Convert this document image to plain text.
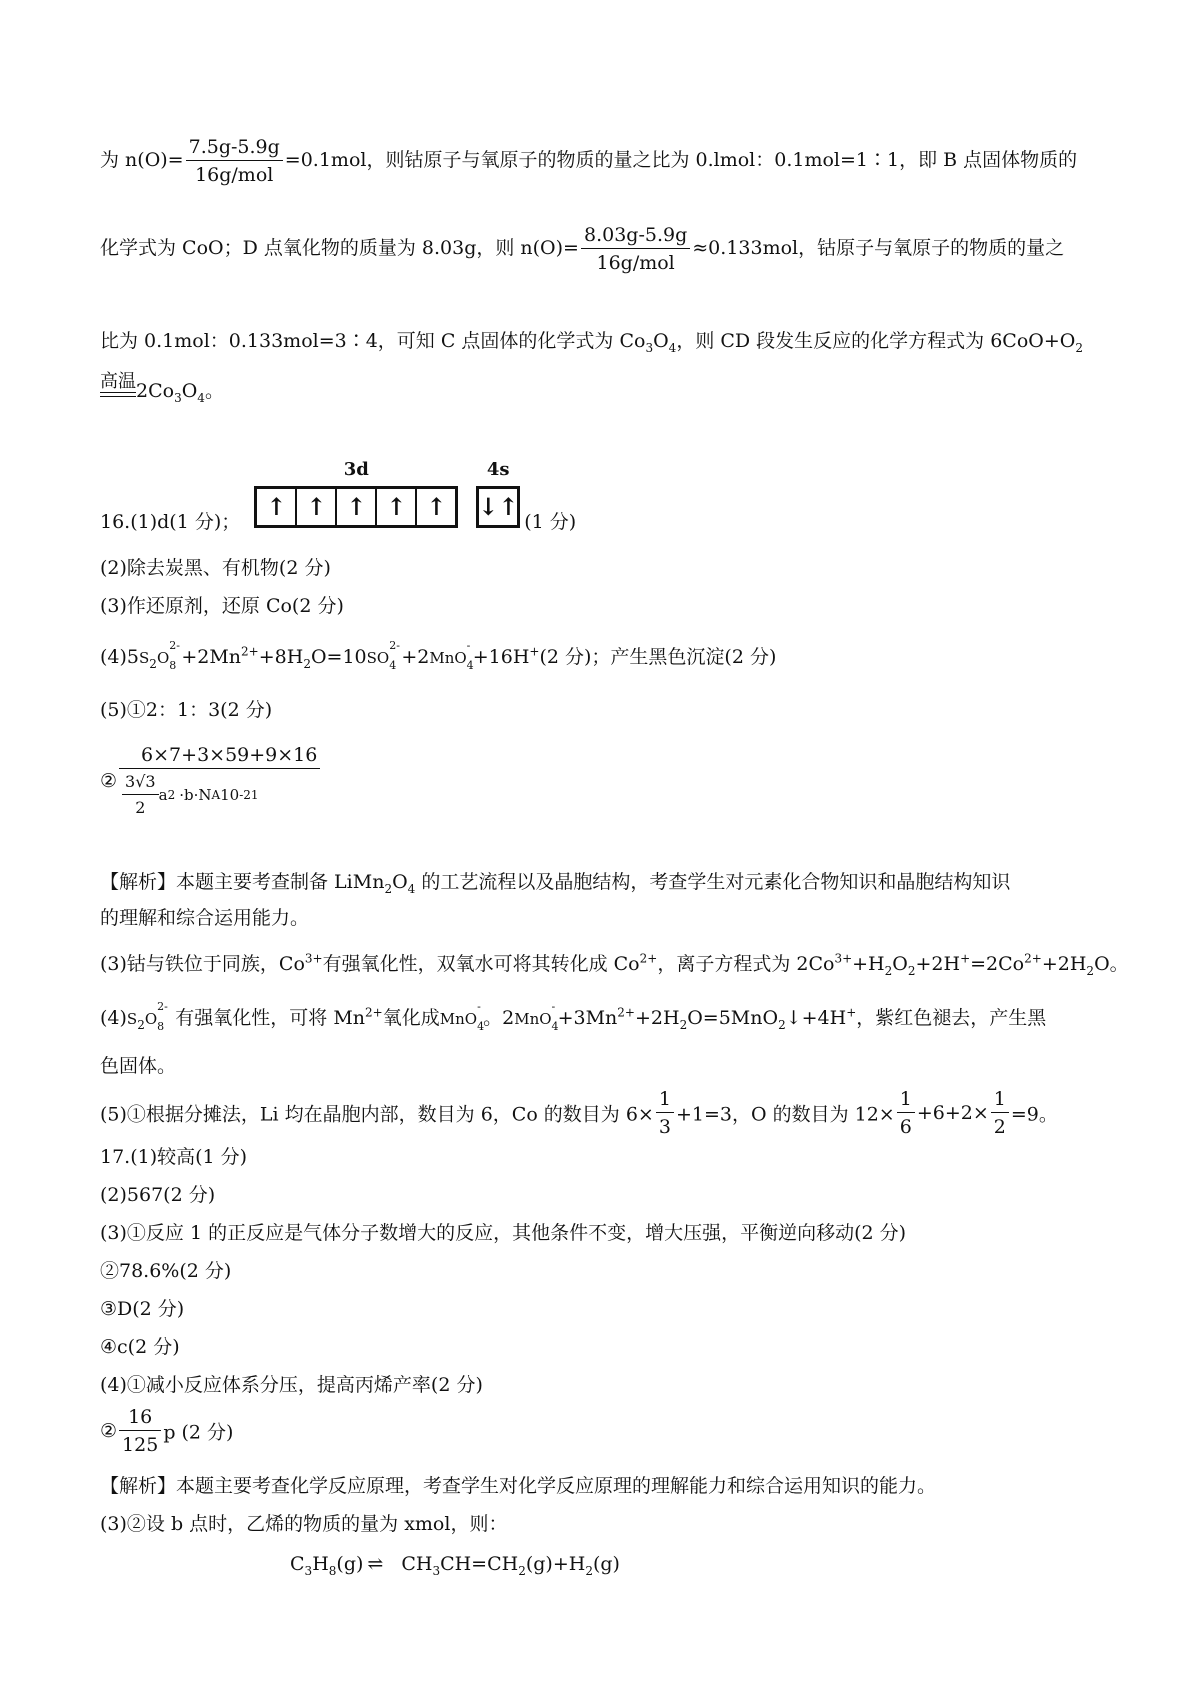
为 $n(O)= \frac{7.5g-5.9g}{\text{16g/mol}} =0.1mol$，则钴原子与氧原子的物质的量之比为 0.lmol：0.1mol=1∶1，即 B 点固体物质的
化学式为 CoO；D 点氧化物的质量为 8.03g，则 $n(O)= \frac{8.03g-5.9g}{\text{16g/mol}} \approx 0.133mol$，钴原子与氧原子的物质的量之
比为 0.1mol：0.133mol=3∶4，可知 C 点固体的化学式为 $Co_3O_4$，则 CD 段发生反应的化学方程式为 $6CoO+O_2$
高温 $2Co_3O_4$。
16.(1)d(1 分)；
3d
↑ ↑ ↑ ↑ ↑
4s
↓↑
(1 分)
(2)除去炭黑、有机物(2 分)
(3)作还原剂，还原 Co(2 分)
$(4)5S_2O$
2-
$8 +2Mn^{2+}+8H_2O=10SO$
2-
4 +2MnO
-
4 +16H+(2 分)；产生黑色沉淀(2 分)
(5)①2：1：3(2 分)
② $\frac{6\times 7+3\times 59+9\times 16}{\frac{3√3}{2} a 2 \cdot b\cdot N A 10 -21}$
【解析】本题主要考查制备 $LiMn_2O_4$ 的工艺流程以及晶胞结构，考查学生对元素化合物知识和晶胞结构知识
的理解和综合运用能力。
(3)钴与铁位于同族，$Co^{3+}$有强氧化性，双氧水可将其转化成 $Co^{2+}$，离子方程式为 $2Co^{3+}+H_2O_2+2H^+=2Co^{2+}+2H_2O$。
$(4)S_2O$
2-
8 有强氧化性，可将 $Mn^{2+}$氧化成MnO
-
4 。2MnO
-
$4 +3Mn^{2+}+2H_2O=5MnO_2↓+4H^+$，紫红色褪去，产生黑
色固体。
(5)①根据分摊法，Li 均在晶胞内部，数目为 6，Co 的数目为 $6\times \frac{1}{3} +1=3$，O 的数目为 $12\times \frac{1}{6} +6+2\times \frac{1}{2} =9$。
17.(1)较高(1 分)
(2)567(2 分)
(3)①反应 1 的正反应是气体分子数增大的反应，其他条件不变，增大压强，平衡逆向移动(2 分)
②78.6%(2 分)
③D(2 分)
④c(2 分)
(4)①减小反应体系分压，提高丙烯产率(2 分)
② $\frac{16}{125}$ p (2 分)
【解析】本题主要考查化学反应原理，考查学生对化学反应原理的理解能力和综合运用知识的能力。
(3)②设 b 点时，乙烯的物质的量为 xmol，则：
$C_3H_8(g)$ ⇌ $CH_3CH=CH_2(g)+H_2(g)$
